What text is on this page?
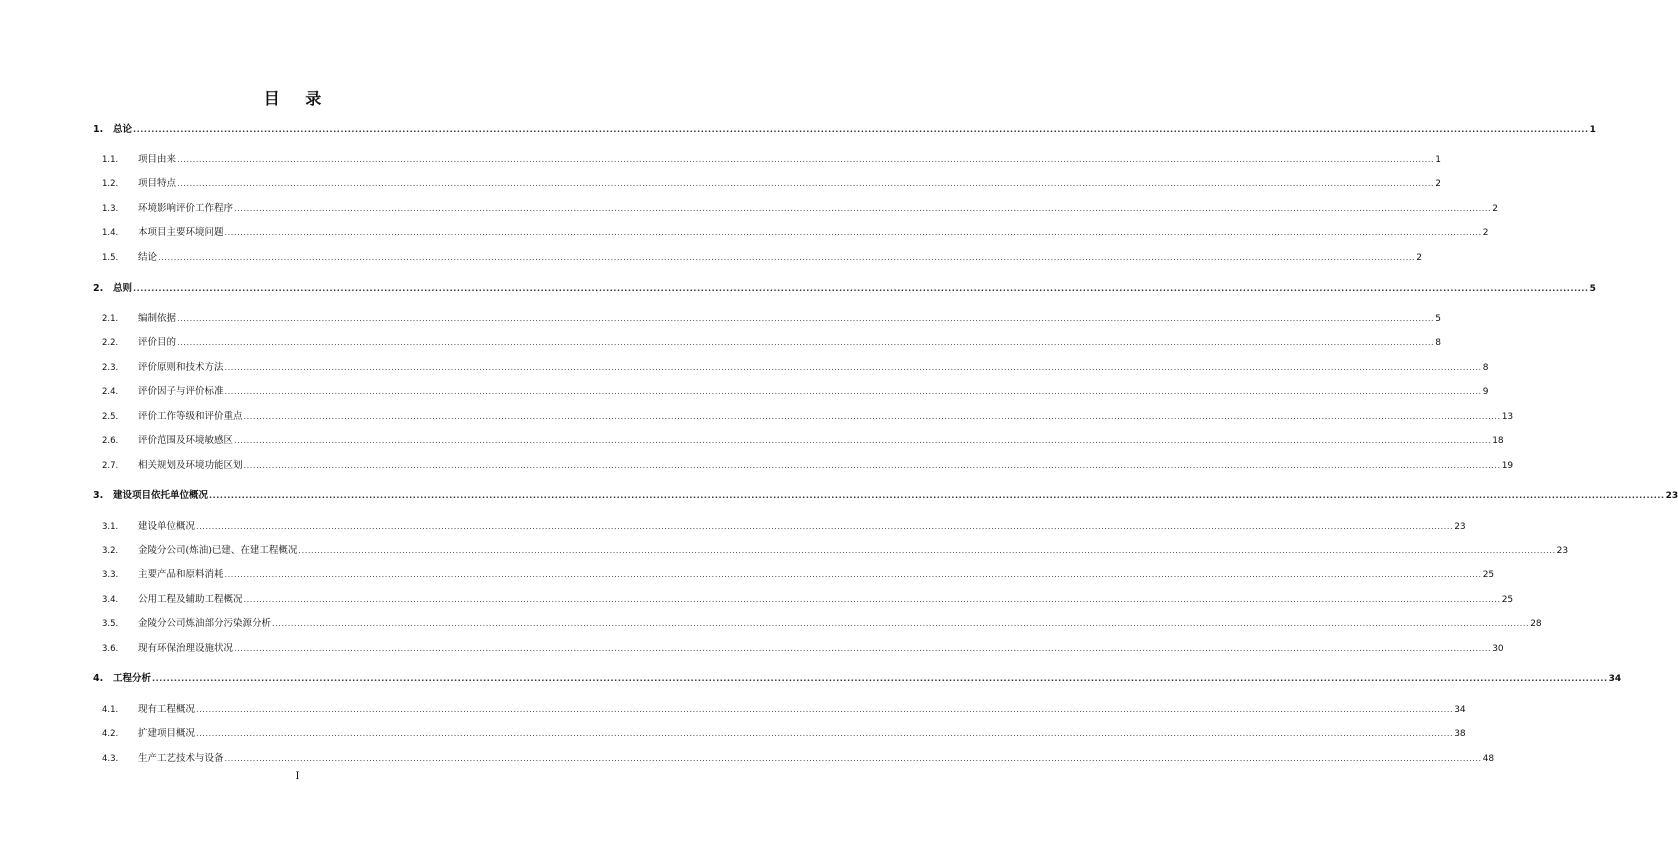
目 录
1.	总论 ................................................................................................................................................................................................................................................................................................................................................................................................................ 1
1.1.	项目由来 ................................................................................................................................................................................................................................................................................................................................................................................................................ 1
1.2.	项目特点 ................................................................................................................................................................................................................................................................................................................................................................................................................ 2
1.3.	环境影响评价工作程序 ................................................................................................................................................................................................................................................................................................................................................................................................................ 2
1.4.	本项目主要环境问题 ................................................................................................................................................................................................................................................................................................................................................................................................................ 2
1.5.	结论 ................................................................................................................................................................................................................................................................................................................................................................................................................ 2
2.	总则 ................................................................................................................................................................................................................................................................................................................................................................................................................ 5
2.1.	编制依据 ................................................................................................................................................................................................................................................................................................................................................................................................................ 5
2.2.	评价目的 ................................................................................................................................................................................................................................................................................................................................................................................................................ 8
2.3.	评价原则和技术方法 ................................................................................................................................................................................................................................................................................................................................................................................................................ 8
2.4.	评价因子与评价标准 ................................................................................................................................................................................................................................................................................................................................................................................................................ 9
2.5.	评价工作等级和评价重点 ................................................................................................................................................................................................................................................................................................................................................................................................................ 13
2.6.	评价范围及环境敏感区 ................................................................................................................................................................................................................................................................................................................................................................................................................ 18
2.7.	相关规划及环境功能区划 ................................................................................................................................................................................................................................................................................................................................................................................................................ 19
3.	建设项目依托单位概况 ................................................................................................................................................................................................................................................................................................................................................................................................................ 23
3.1.	建设单位概况 ................................................................................................................................................................................................................................................................................................................................................................................................................ 23
3.2.	金陵分公司(炼油)已建、在建工程概况 ................................................................................................................................................................................................................................................................................................................................................................................................................ 23
3.3.	主要产品和原料消耗 ................................................................................................................................................................................................................................................................................................................................................................................................................ 25
3.4.	公用工程及辅助工程概况 ................................................................................................................................................................................................................................................................................................................................................................................................................ 25
3.5.	金陵分公司炼油部分污染源分析 ................................................................................................................................................................................................................................................................................................................................................................................................................ 28
3.6.	现有环保治理设施状况 ................................................................................................................................................................................................................................................................................................................................................................................................................ 30
4.	工程分析 ................................................................................................................................................................................................................................................................................................................................................................................................................ 34
4.1.	现有工程概况 ................................................................................................................................................................................................................................................................................................................................................................................................................ 34
4.2.	扩建项目概况 ................................................................................................................................................................................................................................................................................................................................................................................................................ 38
4.3.	生产工艺技术与设备 ................................................................................................................................................................................................................................................................................................................................................................................................................ 48
I
